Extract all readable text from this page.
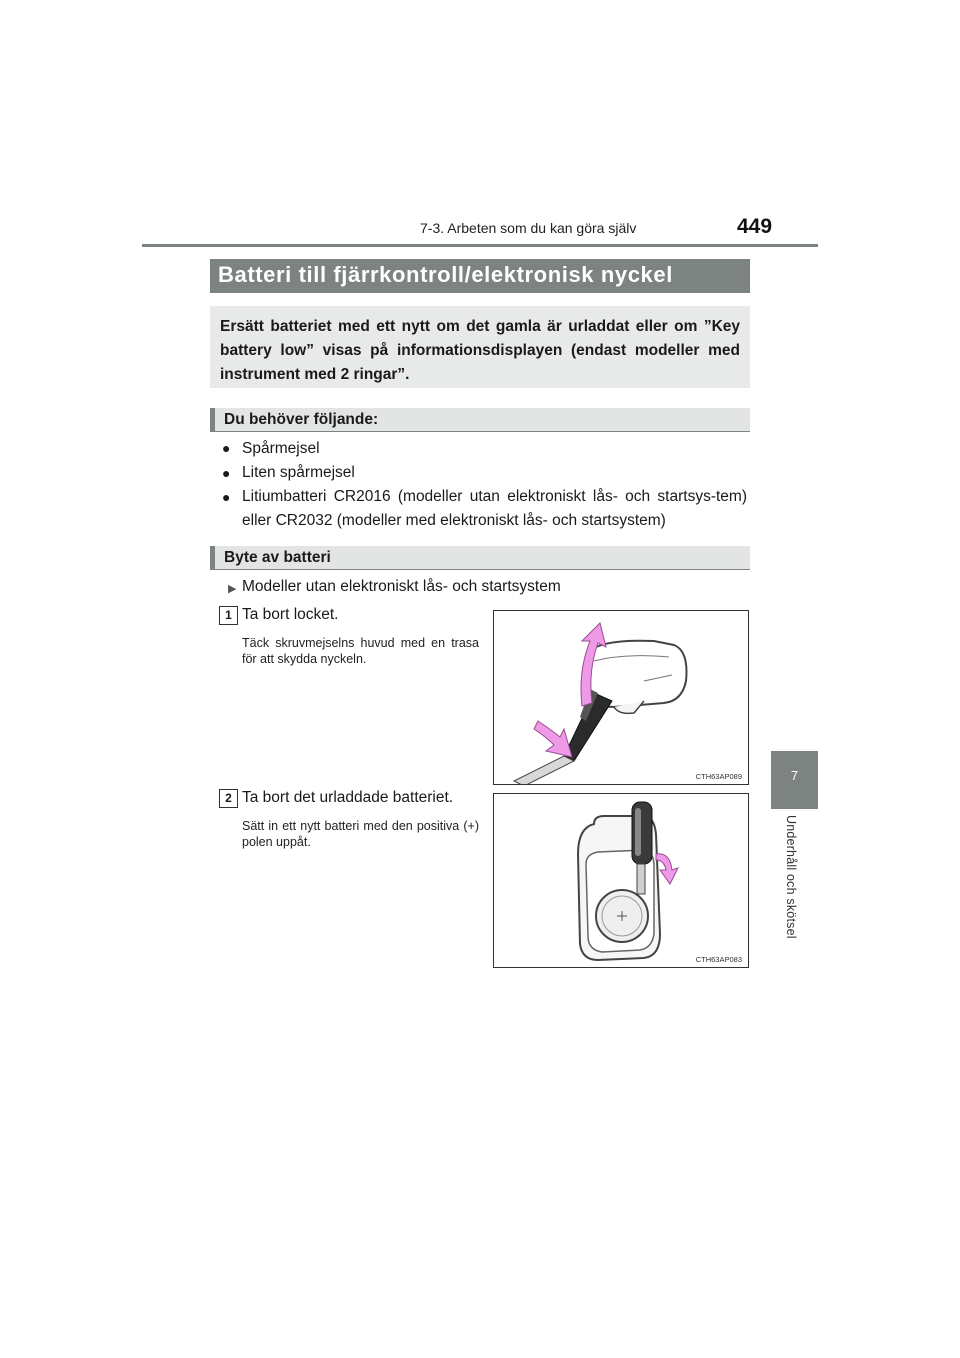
7-3. Arbeten som du kan göra själv	449
7
Underhåll och skötsel
Batteri till fjärrkontroll/elektronisk nyckel
Ersätt batteriet med ett nytt om det gamla är urladdat eller om ”Key battery low” visas på informationsdisplayen (endast modeller med instrument med 2 ringar”.
Du behöver följande:
● Spårmejsel
● Liten spårmejsel
● Litiumbatteri CR2016 (modeller utan elektroniskt lås- och startsys-tem) eller CR2032 (modeller med elektroniskt lås- och startsystem)
Byte av batteri
▶ Modeller utan elektroniskt lås- och startsystem
1 Ta bort locket.
Täck skruvmejselns huvud med en trasa för att skydda nyckeln.
CTH63AP089
2 Ta bort det urladdade batteriet.
Sätt in ett nytt batteri med den positiva (+) polen uppåt.
CTH63AP083
